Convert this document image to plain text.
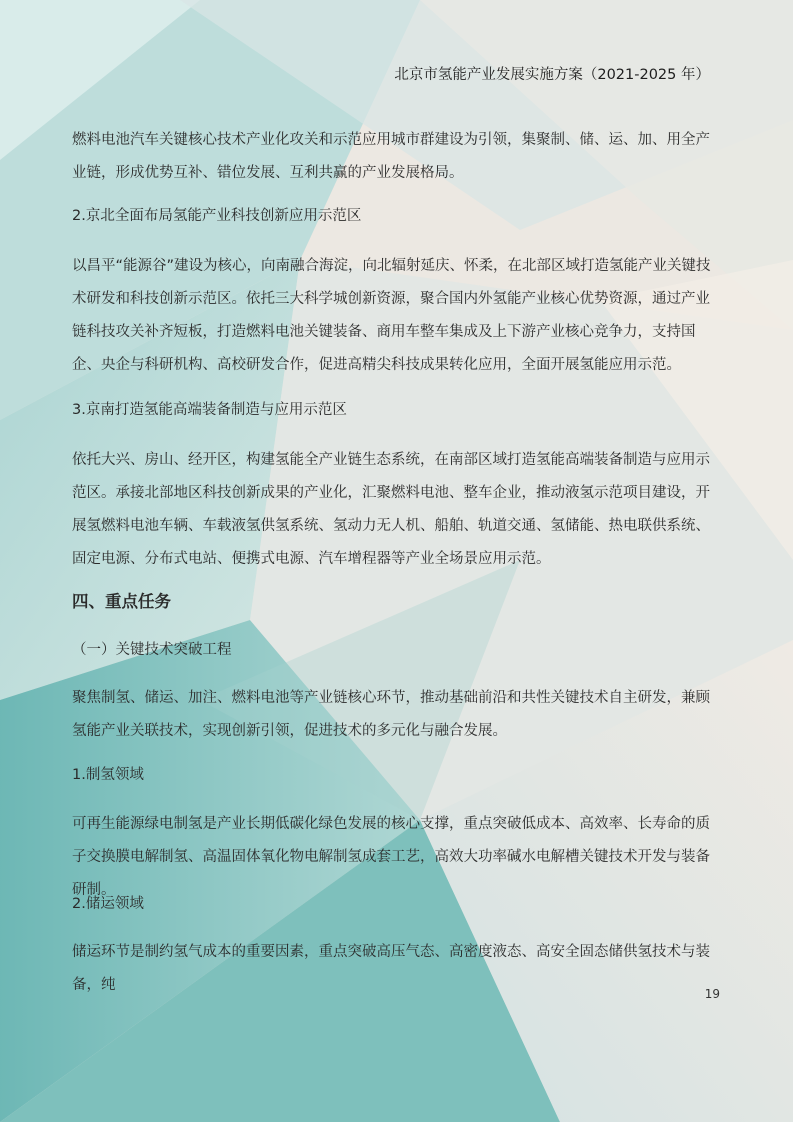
北京市氢能产业发展实施方案（2021-2025 年）
燃料电池汽车关键核心技术产业化攻关和示范应用城市群建设为引领，集聚制、储、运、加、用全产业链，形成优势互补、错位发展、互利共赢的产业发展格局。
2.京北全面布局氢能产业科技创新应用示范区
以昌平“能源谷”建设为核心，向南融合海淀，向北辐射延庆、怀柔，在北部区域打造氢能产业关键技术研发和科技创新示范区。依托三大科学城创新资源，聚合国内外氢能产业核心优势资源，通过产业链科技攻关补齐短板，打造燃料电池关键装备、商用车整车集成及上下游产业核心竞争力，支持国企、央企与科研机构、高校研发合作，促进高精尖科技成果转化应用，全面开展氢能应用示范。
3.京南打造氢能高端装备制造与应用示范区
依托大兴、房山、经开区，构建氢能全产业链生态系统，在南部区域打造氢能高端装备制造与应用示范区。承接北部地区科技创新成果的产业化，汇聚燃料电池、整车企业，推动液氢示范项目建设，开展氢燃料电池车辆、车载液氢供氢系统、氢动力无人机、船舶、轨道交通、氢储能、热电联供系统、固定电源、分布式电站、便携式电源、汽车增程器等产业全场景应用示范。
四、重点任务
（一）关键技术突破工程
聚焦制氢、储运、加注、燃料电池等产业链核心环节，推动基础前沿和共性关键技术自主研发，兼顾氢能产业关联技术，实现创新引领，促进技术的多元化与融合发展。
1.制氢领域
可再生能源绿电制氢是产业长期低碳化绿色发展的核心支撑，重点突破低成本、高效率、长寿命的质子交换膜电解制氢、高温固体氧化物电解制氢成套工艺，高效大功率碱水电解槽关键技术开发与装备研制。
2.储运领域
储运环节是制约氢气成本的重要因素，重点突破高压气态、高密度液态、高安全固态储供氢技术与装备，纯
19
